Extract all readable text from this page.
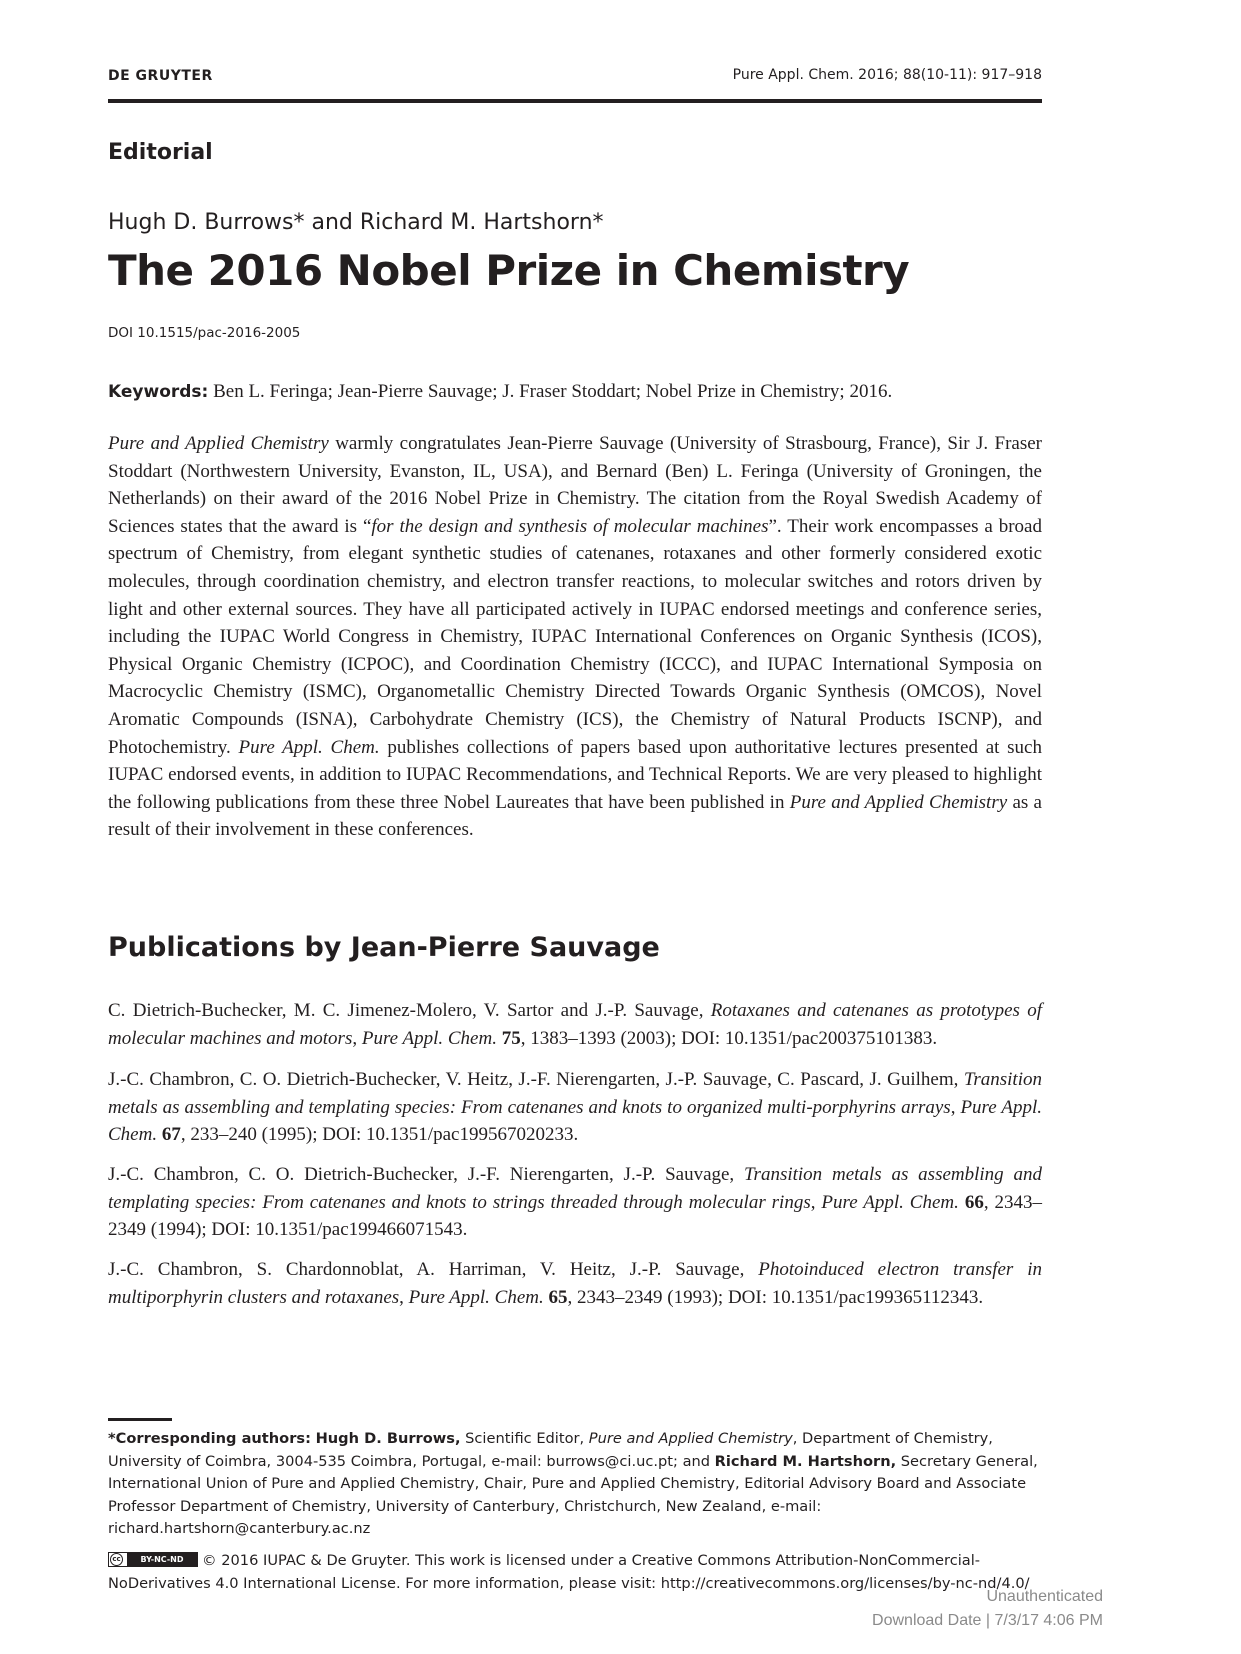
DE GRUYTER	Pure Appl. Chem. 2016; 88(10-11): 917–918
Editorial
Hugh D. Burrows* and Richard M. Hartshorn*
The 2016 Nobel Prize in Chemistry
DOI 10.1515/pac-2016-2005
Keywords: Ben L. Feringa; Jean-Pierre Sauvage; J. Fraser Stoddart; Nobel Prize in Chemistry; 2016.

Pure and Applied Chemistry warmly congratulates Jean-Pierre Sauvage (University of Strasbourg, France), Sir J. Fraser Stoddart (Northwestern University, Evanston, IL, USA), and Bernard (Ben) L. Feringa (University of Groningen, the Netherlands) on their award of the 2016 Nobel Prize in Chemistry. The citation from the Royal Swedish Academy of Sciences states that the award is “for the design and synthesis of molecular machines”. Their work encompasses a broad spectrum of Chemistry, from elegant synthetic studies of catenanes, rotaxanes and other formerly considered exotic molecules, through coordination chemistry, and electron transfer reactions, to molecular switches and rotors driven by light and other external sources. They have all participated actively in IUPAC endorsed meetings and conference series, including the IUPAC World Congress in Chemistry, IUPAC International Conferences on Organic Synthesis (ICOS), Physical Organic Chemistry (ICPOC), and Coordination Chemistry (ICCC), and IUPAC International Symposia on Macrocyclic Chemistry (ISMC), Organometallic Chemistry Directed Towards Organic Synthesis (OMCOS), Novel Aromatic Compounds (ISNA), Carbohydrate Chemistry (ICS), the Chemistry of Natural Products ISCNP), and Photochemistry. Pure Appl. Chem. publishes collections of papers based upon authoritative lectures presented at such IUPAC endorsed events, in addition to IUPAC Recommendations, and Technical Reports. We are very pleased to highlight the following publications from these three Nobel Laureates that have been published in Pure and Applied Chemistry as a result of their involvement in these conferences.

Publications by Jean-Pierre Sauvage

C. Dietrich-Buchecker, M. C. Jimenez-Molero, V. Sartor and J.-P. Sauvage, Rotaxanes and catenanes as prototypes of molecular machines and motors, Pure Appl. Chem. 75, 1383–1393 (2003); DOI: 10.1351/pac200375101383.

J.-C. Chambron, C. O. Dietrich-Buchecker, V. Heitz, J.-F. Nierengarten, J.-P. Sauvage, C. Pascard, J. Guilhem, Transition metals as assembling and templating species: From catenanes and knots to organized multi-porphyrins arrays, Pure Appl. Chem. 67, 233–240 (1995); DOI: 10.1351/pac199567020233.

J.-C. Chambron, C. O. Dietrich-Buchecker, J.-F. Nierengarten, J.-P. Sauvage, Transition metals as assembling and templating species: From catenanes and knots to strings threaded through molecular rings, Pure Appl. Chem. 66, 2343–2349 (1994); DOI: 10.1351/pac199466071543.

J.-C. Chambron, S. Chardonnoblat, A. Harriman, V. Heitz, J.-P. Sauvage, Photoinduced electron transfer in multiporphyrin clusters and rotaxanes, Pure Appl. Chem. 65, 2343–2349 (1993); DOI: 10.1351/pac199365112343.

*Corresponding authors: Hugh D. Burrows, Scientific Editor, Pure and Applied Chemistry, Department of Chemistry, University of Coimbra, 3004-535 Coimbra, Portugal, e-mail: burrows@ci.uc.pt; and Richard M. Hartshorn, Secretary General, International Union of Pure and Applied Chemistry, Chair, Pure and Applied Chemistry, Editorial Advisory Board and Associate Professor Department of Chemistry, University of Canterbury, Christchurch, New Zealand, e-mail: richard.hartshorn@canterbury.ac.nz

cc	BY-NC-ND	© 2016 IUPAC & De Gruyter. This work is licensed under a Creative Commons Attribution-NonCommercial-NoDerivatives 4.0 International License. For more information, please visit: http://creativecommons.org/licenses/by-nc-nd/4.0/

Unauthenticated
Download Date | 7/3/17 4:06 PM
